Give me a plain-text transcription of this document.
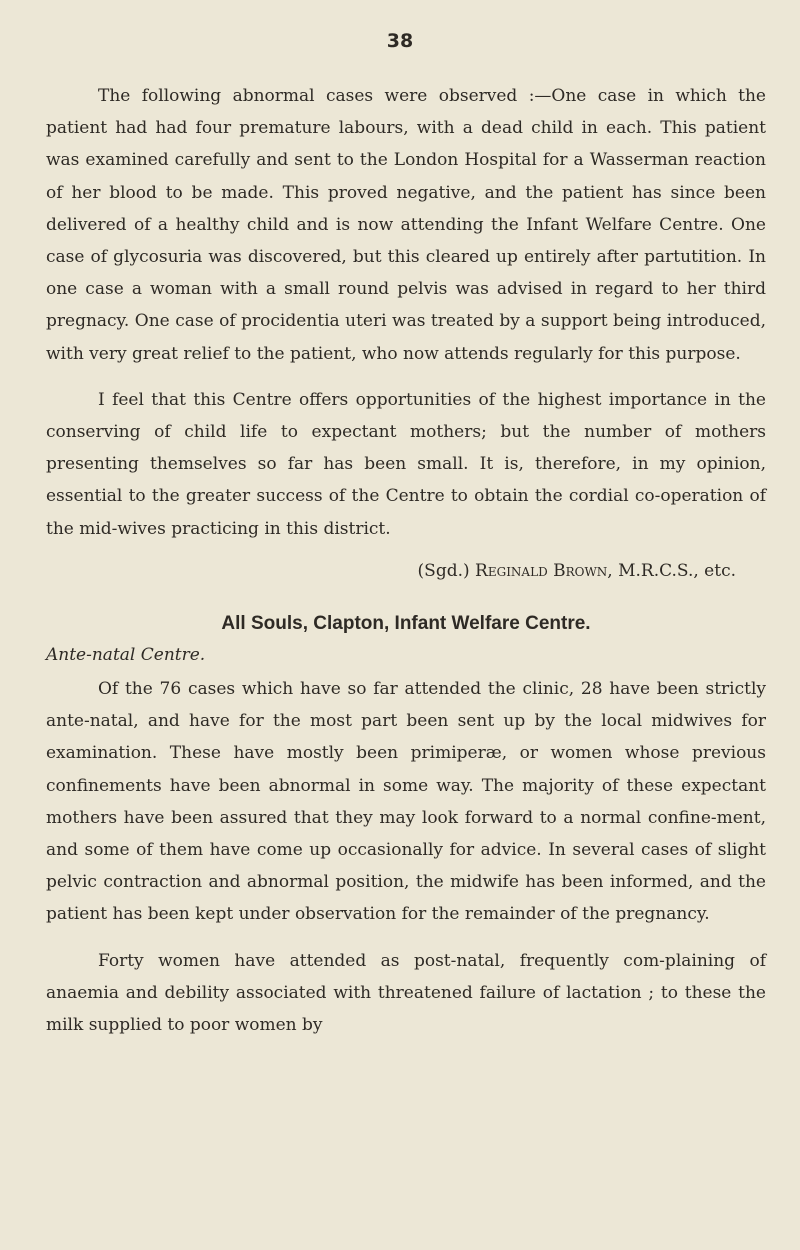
38

The following abnormal cases were observed :—One case in which the patient had had four premature labours, with a dead child in each. This patient was examined carefully and sent to the London Hospital for a Wasserman reaction of her blood to be made. This proved negative, and the patient has since been delivered of a healthy child and is now attending the Infant Welfare Centre. One case of glycosuria was discovered, but this cleared up entirely after partutition. In one case a woman with a small round pelvis was advised in regard to her third pregnacy. One case of procidentia uteri was treated by a support being introduced, with very great relief to the patient, who now attends regularly for this purpose.

I feel that this Centre offers opportunities of the highest importance in the conserving of child life to expectant mothers; but the number of mothers presenting themselves so far has been small. It is, therefore, in my opinion, essential to the greater success of the Centre to obtain the cordial co-operation of the mid-wives practicing in this district.

(Sgd.) Reginald Brown, M.R.C.S., etc.

All Souls, Clapton, Infant Welfare Centre.
Ante-natal Centre.

Of the 76 cases which have so far attended the clinic, 28 have been strictly ante-natal, and have for the most part been sent up by the local midwives for examination. These have mostly been primiperæ, or women whose previous confinements have been abnormal in some way. The majority of these expectant mothers have been assured that they may look forward to a normal confine-ment, and some of them have come up occasionally for advice. In several cases of slight pelvic contraction and abnormal position, the midwife has been informed, and the patient has been kept under observation for the remainder of the pregnancy.

Forty women have attended as post-natal, frequently com-plaining of anaemia and debility associated with threatened failure of lactation ; to these the milk supplied to poor women by
